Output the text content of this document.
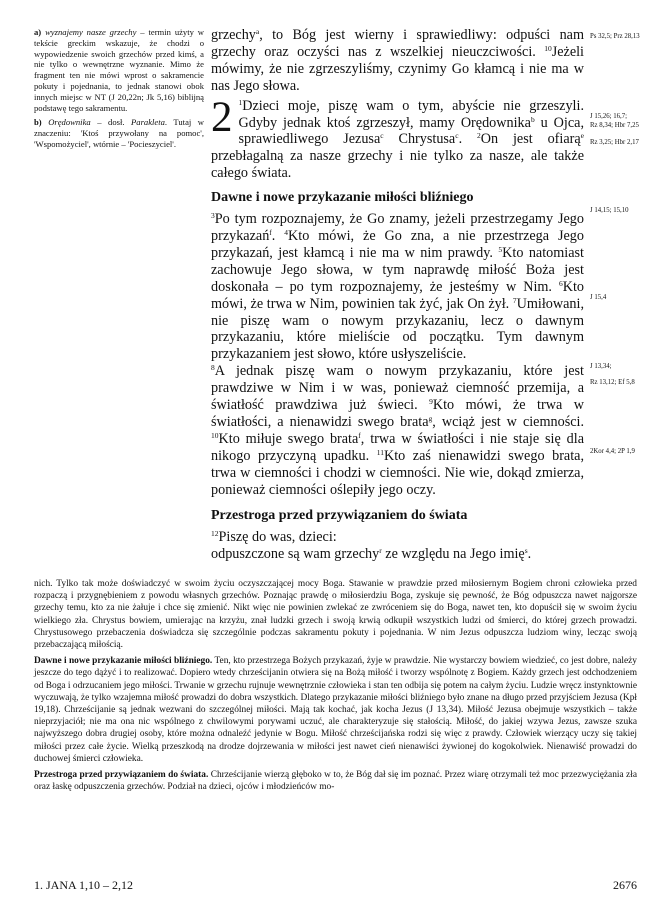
a) wyznajemy nasze grzechy – termin użyty w tekście greckim wskazuje, że chodzi o wypowiedzenie swoich grzechów przed kimś, a nie tylko o wewnętrzne wyznanie. Mimo że fragment ten nie mówi wprost o sakramencie pokuty i pojednania, to jednak stanowi obok innych miejsc w NT (J 20,22n; Jk 5,16) biblijną podstawę tego sakramentu.

b) Orędownika – dosł. Parakleta. Tutaj w znaczeniu: 'Ktoś przywołany na pomoc', 'Wspomożyciel', wtórnie – 'Pocieszyciel'.

grzechy$^a$, to Bóg jest wierny i sprawiedliwy: odpuści nam grzechy oraz oczyści nas z wszelkiej nieuczciwości. $^{10}$Jeżeli mówimy, że nie zgrzeszyliśmy, czynimy Go kłamcą i nie ma w nas Jego słowa.

2 $^1$Dzieci moje, piszę wam o tym, abyście nie grzeszyli. Gdyby jednak ktoś zgrzeszył, mamy Orędownika$^b$ u Ojca, sprawiedliwego Jezusa$^c$ Chrystusa$^c$. $^2$On jest ofiarą$^e$ przebłagalną za nasze grzechy i nie tylko za nasze, ale także całego świata.

Dawne i nowe przykazanie miłości bliźniego

$^3$Po tym rozpoznajemy, że Go znamy, jeżeli przestrzegamy Jego przykazań$^f$. $^4$Kto mówi, że Go zna, a nie przestrzega Jego przykazań, jest kłamcą i nie ma w nim prawdy. $^5$Kto natomiast zachowuje Jego słowa, w tym naprawdę miłość Boża jest doskonała – po tym rozpoznajemy, że jesteśmy w Nim. $^6$Kto mówi, że trwa w Nim, powinien tak żyć, jak On żył. $^7$Umiłowani, nie piszę wam o nowym przykazaniu, lecz o dawnym przykazaniu, które mieliście od początku. Tym dawnym przykazaniem jest słowo, które usłyszeliście.

$^8$A jednak piszę wam o nowym przykazaniu, które jest prawdziwe w Nim i w was, ponieważ ciemność przemija, a światłość prawdziwa już świeci. $^9$Kto mówi, że trwa w światłości, a nienawidzi swego brata$^g$, wciąż jest w ciemności. $^{10}$Kto miłuje swego brata$^f$, trwa w światłości i nie staje się dla nikogo przyczyną upadku. $^{11}$Kto zaś nienawidzi swego brata, trwa w ciemności i chodzi w ciemności. Nie wie, dokąd zmierza, ponieważ ciemności oślepiły jego oczy.

Przestroga przed przywiązaniem do świata

$^{12}$Piszę do was, dzieci:

odpuszczone są wam grzechy$^r$ ze względu na Jego imię$^s$.

Ps 32,5; Prz 28,13
J 15,26; 16,7;
Rz 8,34; Hbr 7,25
Rz 3,25; Hbr 2,17
J 14,15; 15,10
J 15,4
J 13,34;
Rz 13,12; Ef 5,8
2Kor 4,4; 2P 1,9

nich. Tylko tak może doświadczyć w swoim życiu oczyszczającej mocy Boga. Stawanie w prawdzie przed miłosiernym Bogiem chroni człowieka przed rozpaczą i przygnębieniem z powodu własnych grzechów. Poznając prawdę o miłosierdziu Boga, zyskuje się pewność, że Bóg odpuszcza nawet najgorsze grzechy temu, kto za nie żałuje i chce się zmienić. Nikt więc nie powinien zwlekać ze zwróceniem się do Boga, nawet ten, kto dopuścił się w swoim życiu wielkiego zła. Chrystus bowiem, umierając na krzyżu, znał ludzki grzech i swoją krwią odkupił wszystkich ludzi od śmierci, do której grzech prowadzi. Chrystusowego przebaczenia doświadcza się szczególnie podczas sakramentu pokuty i pojednania. W nim Jezus odpuszcza ludziom winy, lecząc swoją przebaczającą miłością.

Dawne i nowe przykazanie miłości bliźniego. Ten, kto przestrzega Bożych przykazań, żyje w prawdzie. Nie wystarczy bowiem wiedzieć, co jest dobre, należy jeszcze do tego dążyć i to realizować. Dopiero wtedy chrześcijanin otwiera się na Bożą miłość i tworzy wspólnotę z Bogiem. Każdy grzech jest odchodzeniem od Boga i odrzucaniem jego miłości. Trwanie w grzechu rujnuje wewnętrznie człowieka i stan ten odbija się potem na całym życiu. Ludzie wręcz instynktownie wyczuwają, że tylko wzajemna miłość prowadzi do dobra wszystkich. Dlatego przykazanie miłości bliźniego było znane na długo przed przyjściem Jezusa (Kpł 19,18). Chrześcijanie są jednak wezwani do szczególnej miłości. Mają tak kochać, jak kocha Jezus (J 13,34). Miłość Jezusa obejmuje wszystkich – także nieprzyjaciół; nie ma ona nic wspólnego z chwilowymi porywami uczuć, ale charakteryzuje się stałością. Miłość, do jakiej wzywa Jezus, zawsze szuka najwyższego dobra drugiej osoby, które można odnaleźć jedynie w Bogu. Miłość chrześcijańska rodzi się więc z prawdy. Człowiek wierzący uczy się takiej miłości przez całe życie. Wielką przeszkodą na drodze dojrzewania w miłości jest nawet cień nienawiści żywionej do kogokolwiek. Nienawiść prowadzi do duchowej śmierci człowieka.

Przestroga przed przywiązaniem do świata. Chrześcijanie wierzą głęboko w to, że Bóg dał się im poznać. Przez wiarę otrzymali też moc przezwyciężania zła oraz łaskę odpuszczenia grzechów. Podział na dzieci, ojców i młodzieńców mo-

1. JANA 1,10 – 2,12	2676
